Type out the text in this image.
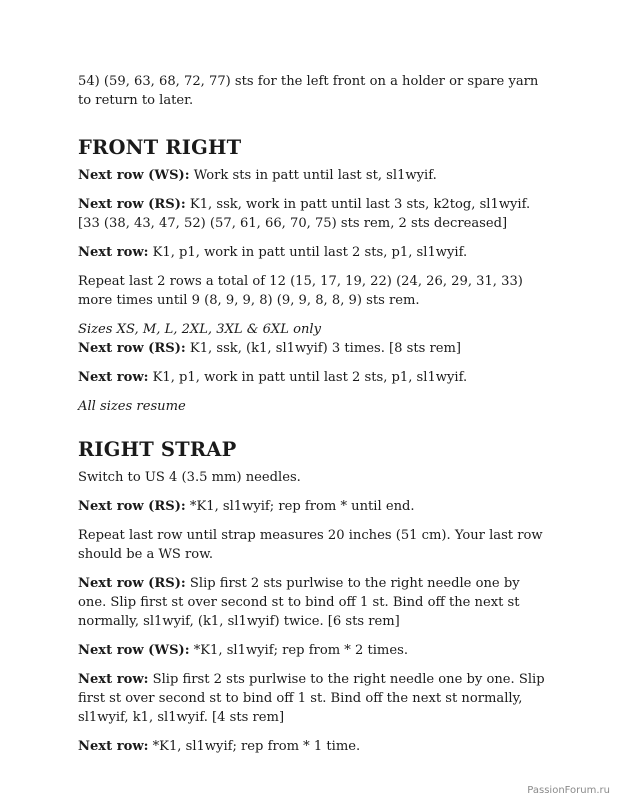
54) (59, 63, 68, 72, 77) sts for the left front on a holder or spare yarn to return to later.

FRONT RIGHT

Next row (WS): Work sts in patt until last st, sl1wyif.

Next row (RS): K1, ssk, work in patt until last 3 sts, k2tog, sl1wyif. [33 (38, 43, 47, 52) (57, 61, 66, 70, 75) sts rem, 2 sts decreased]

Next row: K1, p1, work in patt until last 2 sts, p1, sl1wyif.

Repeat last 2 rows a total of 12 (15, 17, 19, 22) (24, 26, 29, 31, 33) more times until 9 (8, 9, 9, 8) (9, 9, 8, 8, 9) sts rem.

Sizes XS, M, L, 2XL, 3XL & 6XL only

Next row (RS): K1, ssk, (k1, sl1wyif) 3 times. [8 sts rem]

Next row: K1, p1, work in patt until last 2 sts, p1, sl1wyif.

All sizes resume

RIGHT STRAP

Switch to US 4 (3.5 mm) needles.

Next row (RS): *K1, sl1wyif; rep from * until end.

Repeat last row until strap measures 20 inches (51 cm). Your last row should be a WS row.

Next row (RS): Slip first 2 sts purlwise to the right needle one by one. Slip first st over second st to bind off 1 st. Bind off the next st normally, sl1wyif, (k1, sl1wyif) twice. [6 sts rem]

Next row (WS): *K1, sl1wyif; rep from * 2 times.

Next row: Slip first 2 sts purlwise to the right needle one by one. Slip first st over second st to bind off 1 st. Bind off the next st normally, sl1wyif, k1, sl1wyif. [4 sts rem]

Next row: *K1, sl1wyif; rep from * 1 time.

PassionForum.ru
